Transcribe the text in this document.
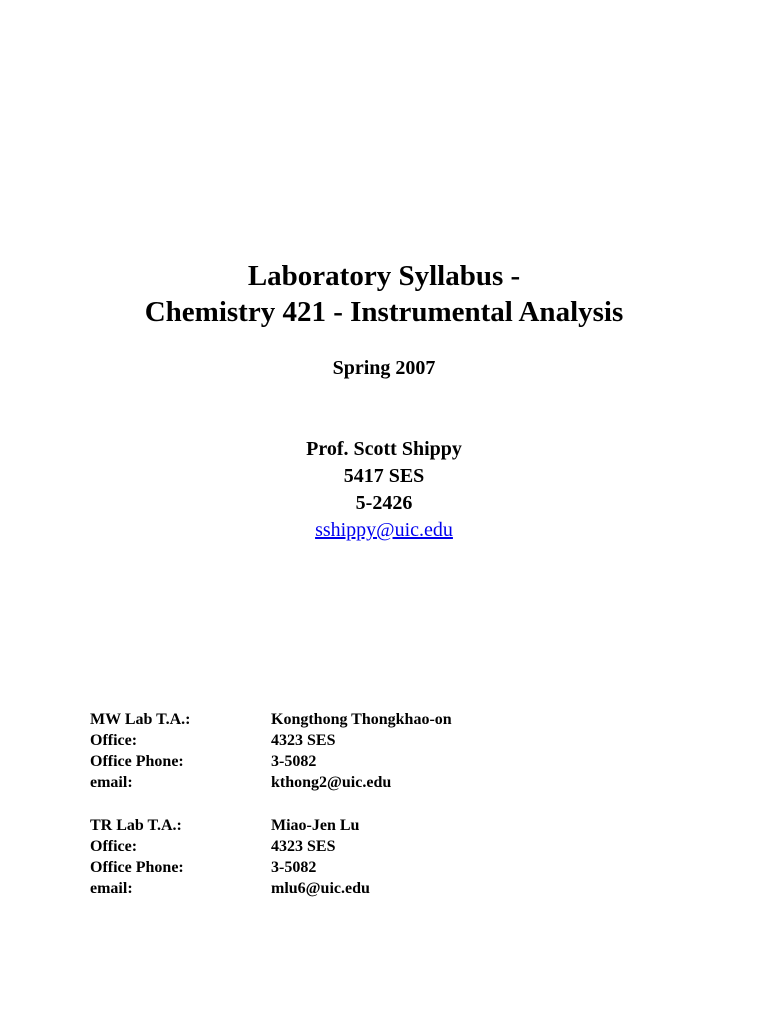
Laboratory Syllabus -

Chemistry 421 - Instrumental Analysis

Spring 2007
Prof. Scott Shippy
5417 SES
5-2426
sshippy@uic.edu
MW Lab T.A.:	Kongthong Thongkhao-on
Office:	4323 SES
Office Phone:	3-5082
email:	kthong2@uic.edu
TR Lab T.A.:	Miao-Jen Lu
Office:	4323 SES
Office Phone:	3-5082
email:	mlu6@uic.edu
